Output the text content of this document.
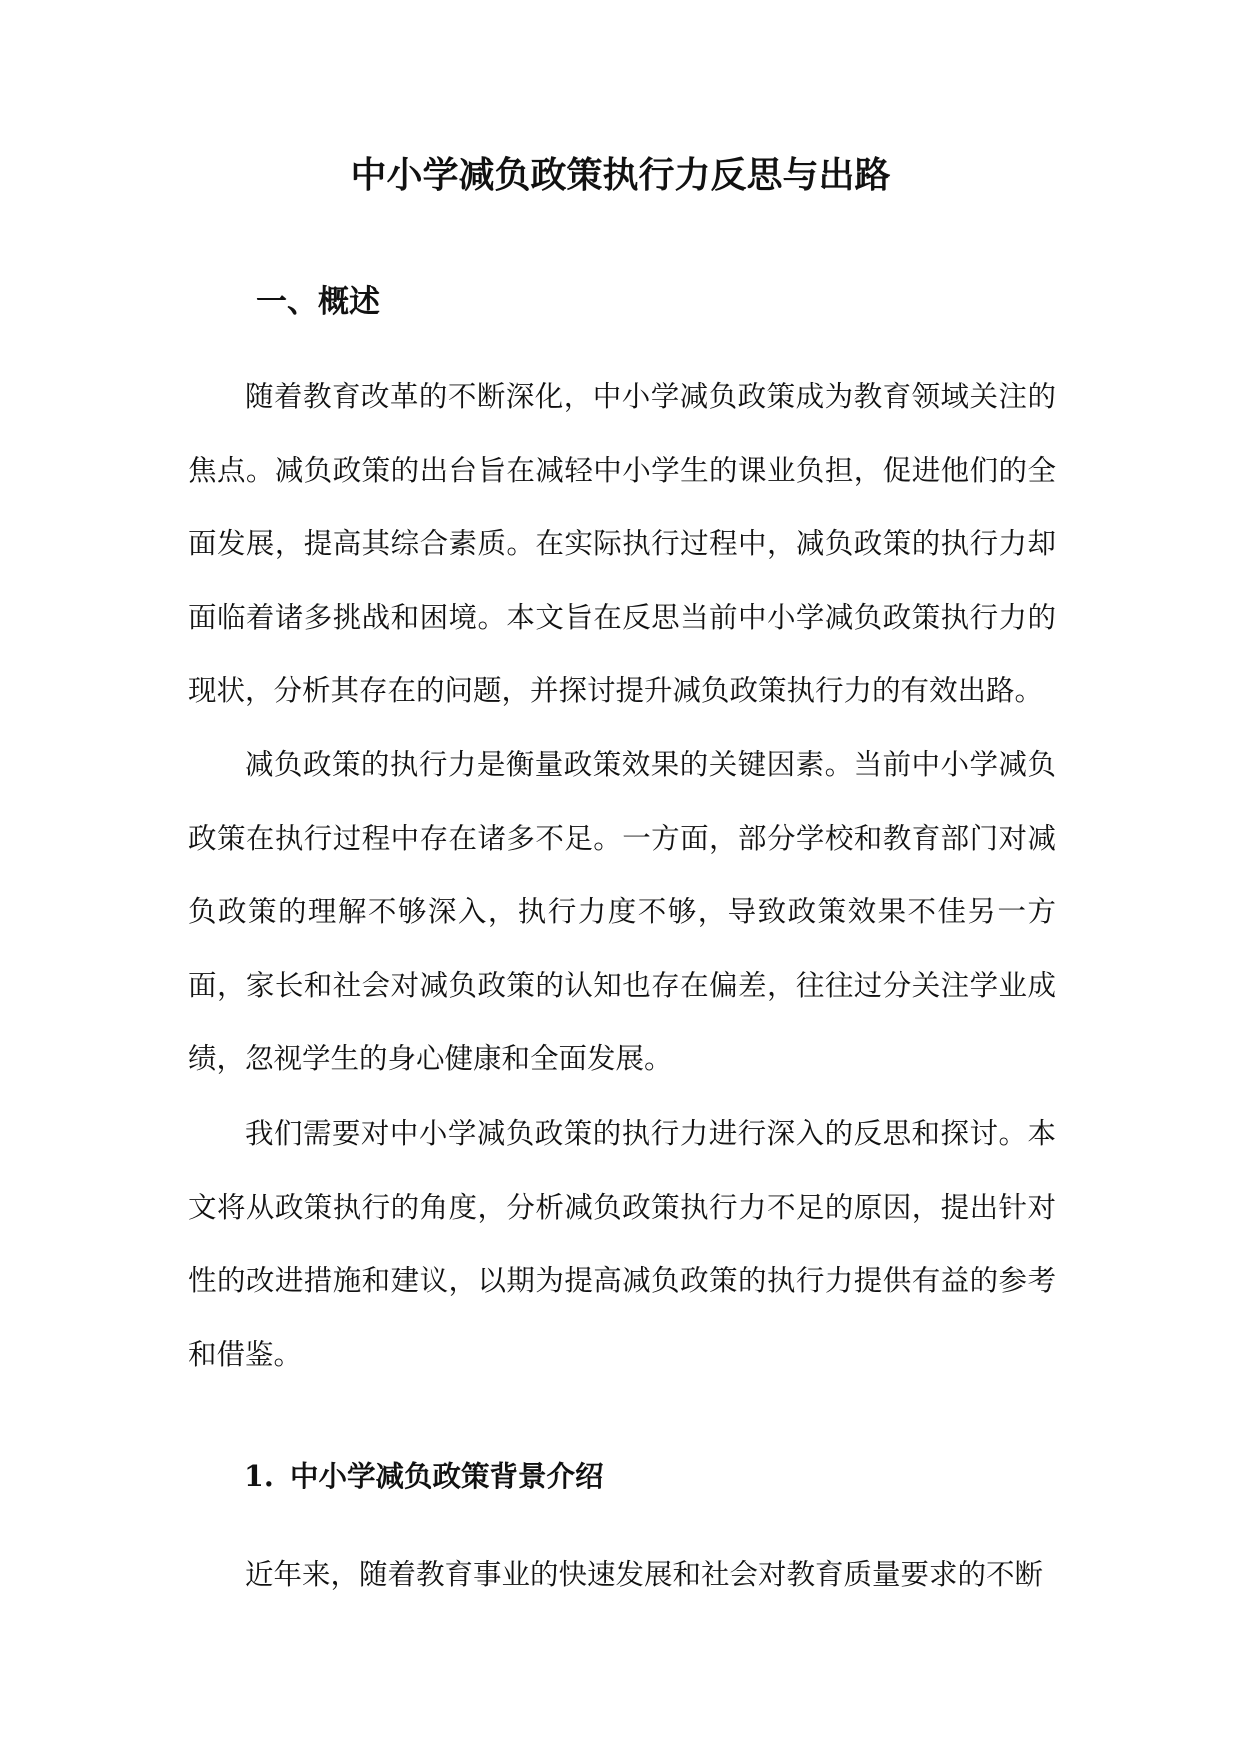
中小学减负政策执行力反思与出路
一、概述

随着教育改革的不断深化，中小学减负政策成为教育领域关注的焦点。减负政策的出台旨在减轻中小学生的课业负担，促进他们的全面发展，提高其综合素质。在实际执行过程中，减负政策的执行力却面临着诸多挑战和困境。本文旨在反思当前中小学减负政策执行力的现状，分析其存在的问题，并探讨提升减负政策执行力的有效出路。

减负政策的执行力是衡量政策效果的关键因素。当前中小学减负政策在执行过程中存在诸多不足。一方面，部分学校和教育部门对减负政策的理解不够深入，执行力度不够，导致政策效果不佳另一方面，家长和社会对减负政策的认知也存在偏差，往往过分关注学业成绩，忽视学生的身心健康和全面发展。

我们需要对中小学减负政策的执行力进行深入的反思和探讨。本文将从政策执行的角度，分析减负政策执行力不足的原因，提出针对性的改进措施和建议，以期为提高减负政策的执行力提供有益的参考和借鉴。

1. 中小学减负政策背景介绍

近年来，随着教育事业的快速发展和社会对教育质量要求的不断
